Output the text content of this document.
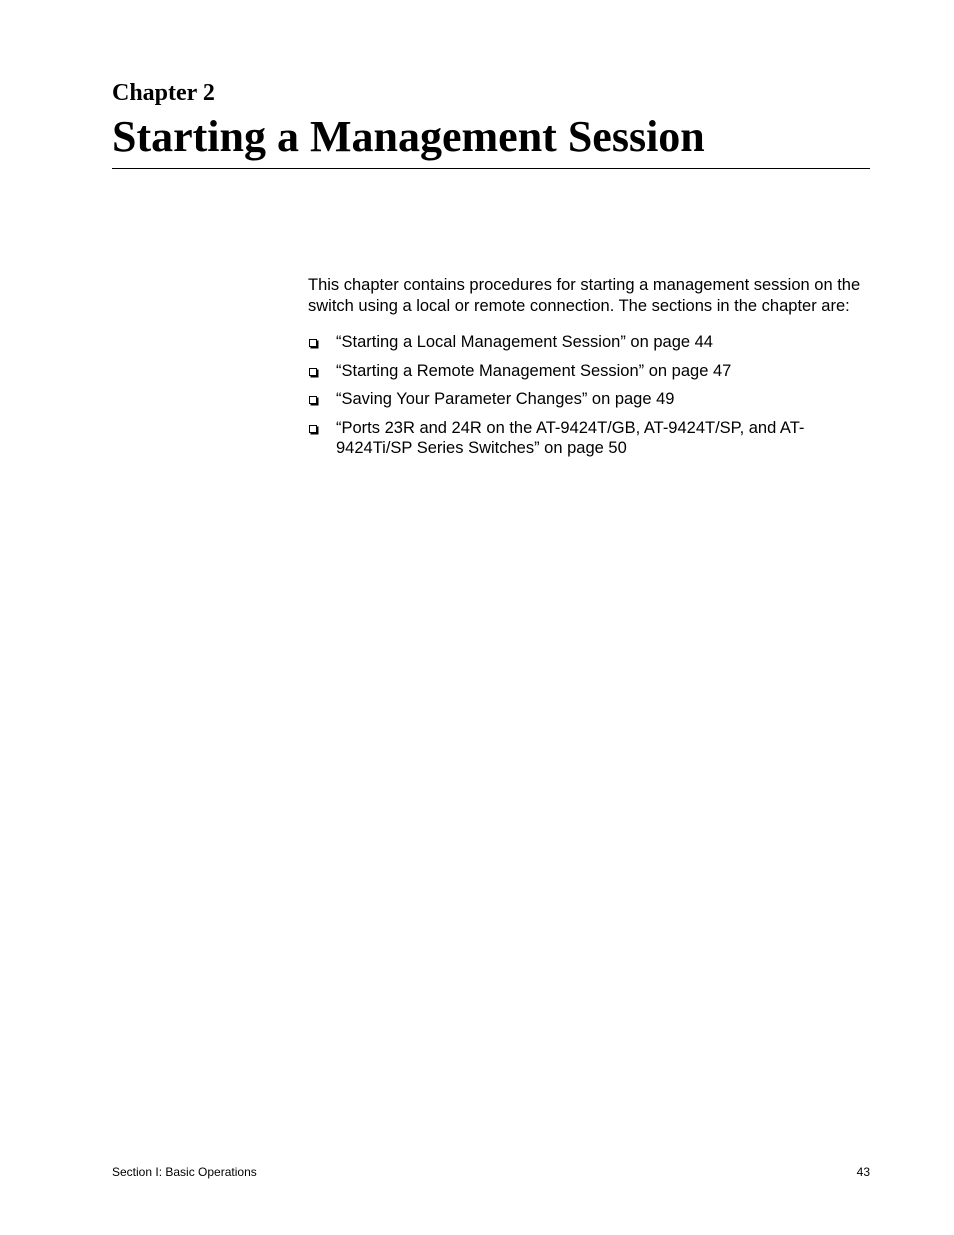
Chapter 2
Starting a Management Session

This chapter contains procedures for starting a management session on the switch using a local or remote connection. The sections in the chapter are:

“Starting a Local Management Session” on page 44
“Starting a Remote Management Session” on page 47
“Saving Your Parameter Changes” on page 49
“Ports 23R and 24R on the AT-9424T/GB, AT-9424T/SP, and AT-9424Ti/SP Series Switches” on page 50
Section I: Basic Operations	43
